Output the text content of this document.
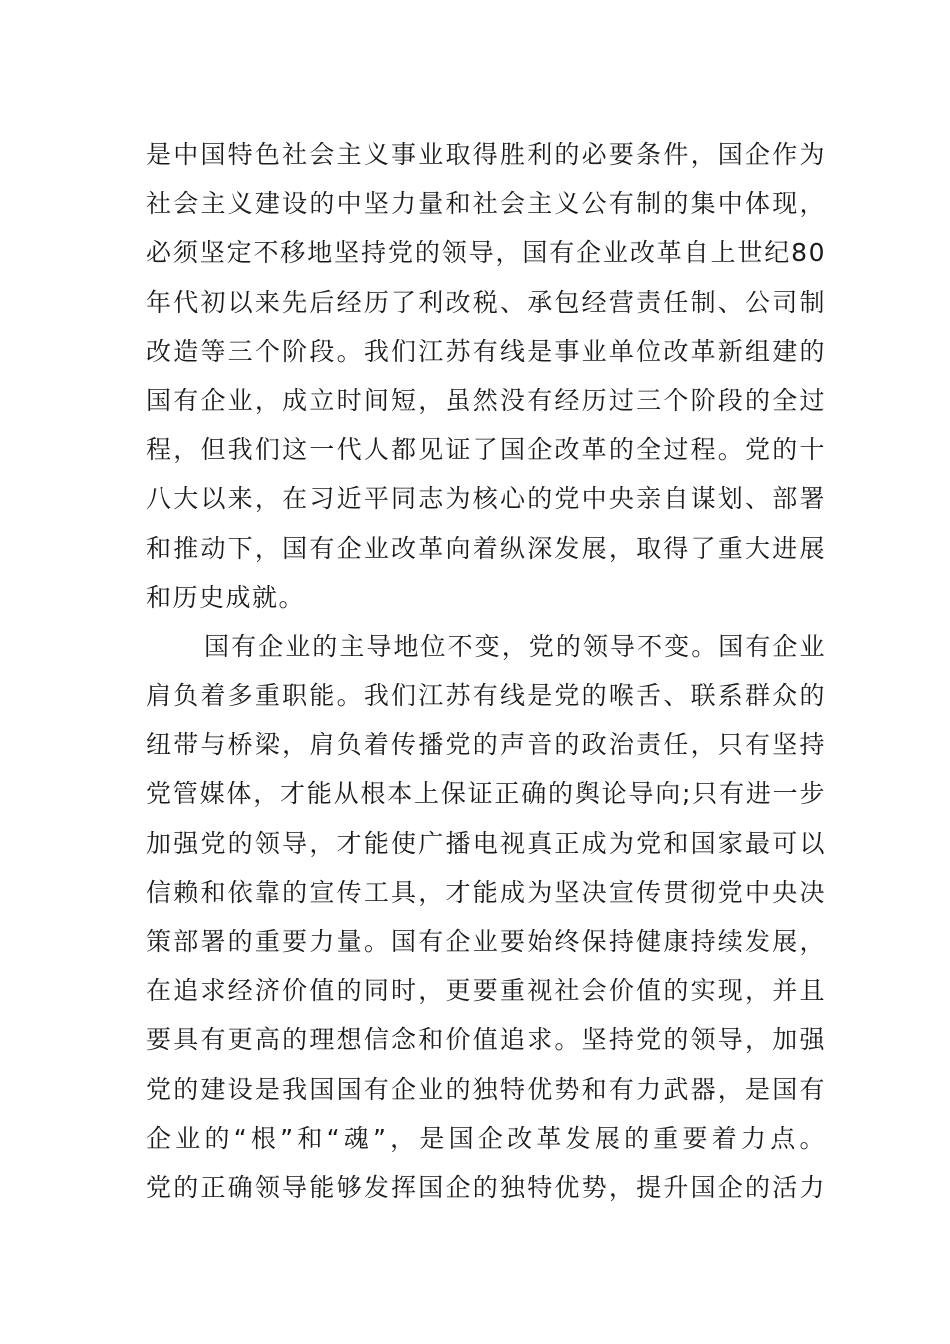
是中国特色社会主义事业取得胜利的必要条件，国企作为
社会主义建设的中坚力量和社会主义公有制的集中体现，
必须坚定不移地坚持党的领导，国有企业改革自上世纪80
年代初以来先后经历了利改税、承包经营责任制、公司制
改造等三个阶段。我们江苏有线是事业单位改革新组建的
国有企业，成立时间短，虽然没有经历过三个阶段的全过
程，但我们这一代人都见证了国企改革的全过程。党的十
八大以来，在习近平同志为核心的党中央亲自谋划、部署
和推动下，国有企业改革向着纵深发展，取得了重大进展
和历史成就。
国有企业的主导地位不变，党的领导不变。国有企业
肩负着多重职能。我们江苏有线是党的喉舌、联系群众的
纽带与桥梁，肩负着传播党的声音的政治责任，只有坚持
党管媒体，才能从根本上保证正确的舆论导向;只有进一步
加强党的领导，才能使广播电视真正成为党和国家最可以
信赖和依靠的宣传工具，才能成为坚决宣传贯彻党中央决
策部署的重要力量。国有企业要始终保持健康持续发展，
在追求经济价值的同时，更要重视社会价值的实现，并且
要具有更高的理想信念和价值追求。坚持党的领导，加强
党的建设是我国国有企业的独特优势和有力武器，是国有
企业的“根”和“魂”，是国企改革发展的重要着力点。
党的正确领导能够发挥国企的独特优势，提升国企的活力
